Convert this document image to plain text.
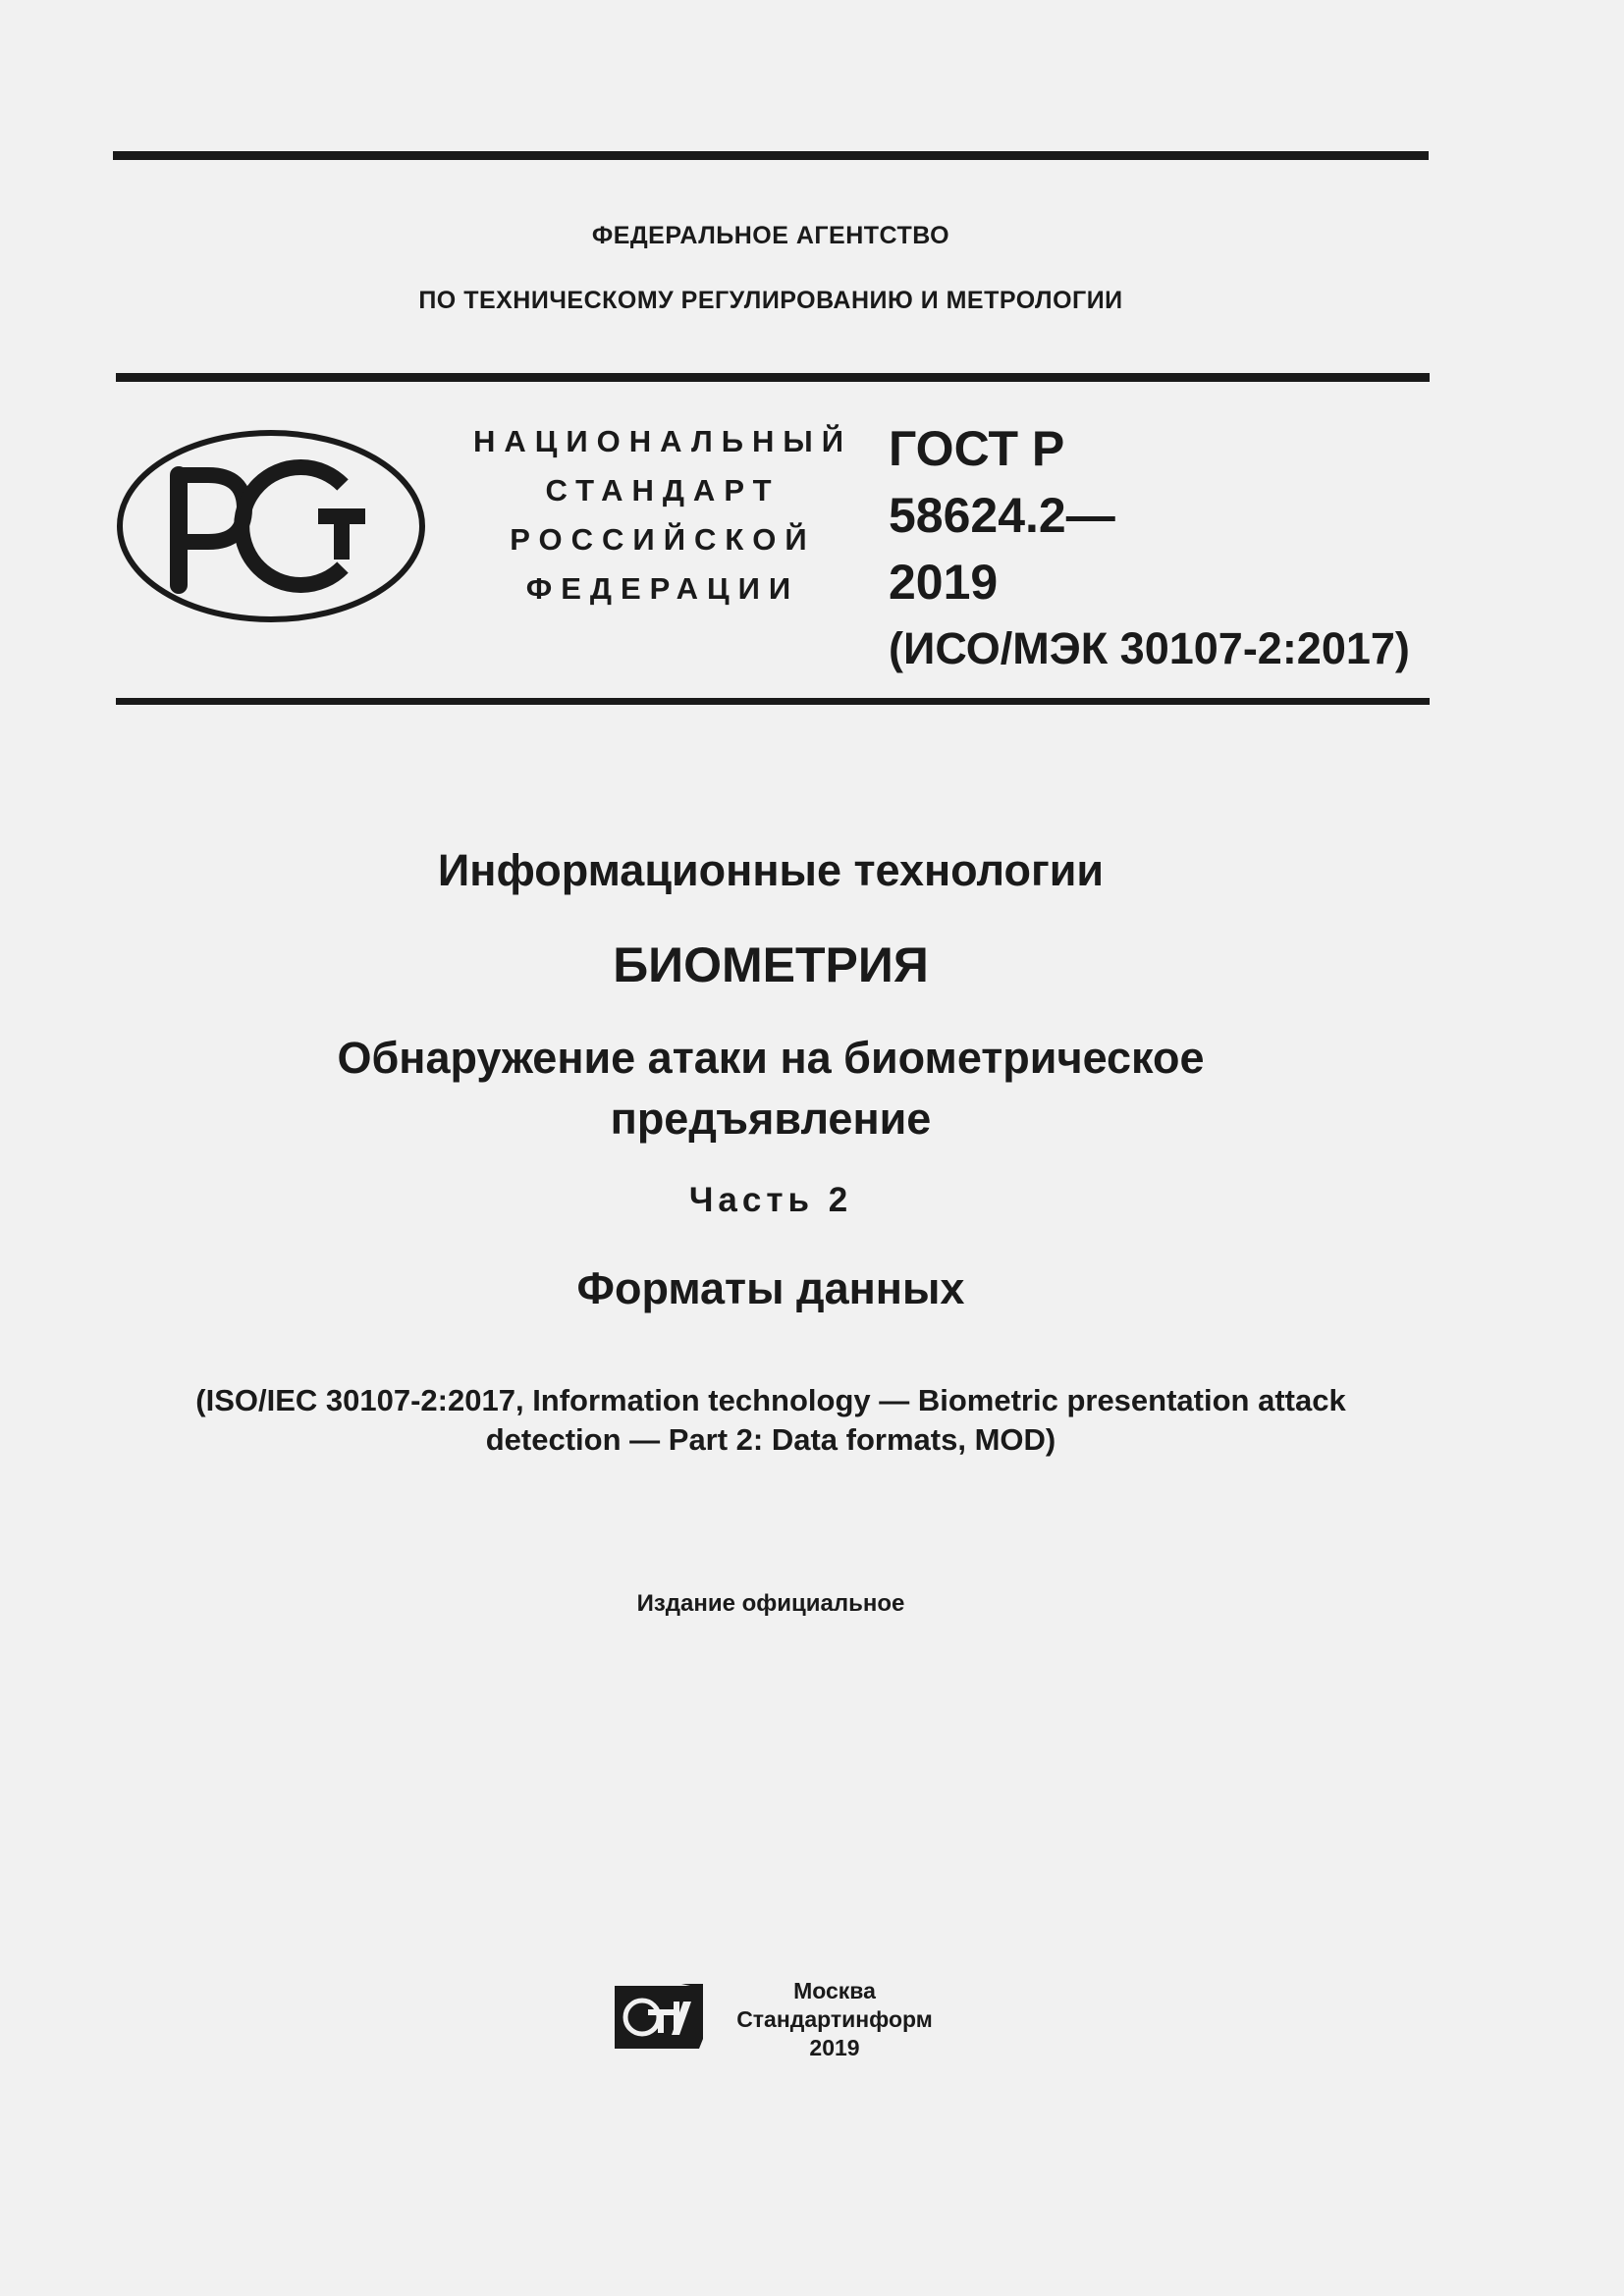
ФЕДЕРАЛЬНОЕ АГЕНТСТВО
ПО ТЕХНИЧЕСКОМУ РЕГУЛИРОВАНИЮ И МЕТРОЛОГИИ
НАЦИОНАЛЬНЫЙ
СТАНДАРТ
РОССИЙСКОЙ
ФЕДЕРАЦИИ
ГОСТ Р
58624.2—
2019
(ИСО/МЭК 30107-2:2017)
Информационные технологии
БИОМЕТРИЯ
Обнаружение атаки на биометрическое
предъявление
Часть 2
Форматы данных
(ISO/IEC 30107-2:2017, Information technology — Biometric presentation attack
detection — Part 2: Data formats, MOD)
Издание официальное
Москва
Стандартинформ
2019
